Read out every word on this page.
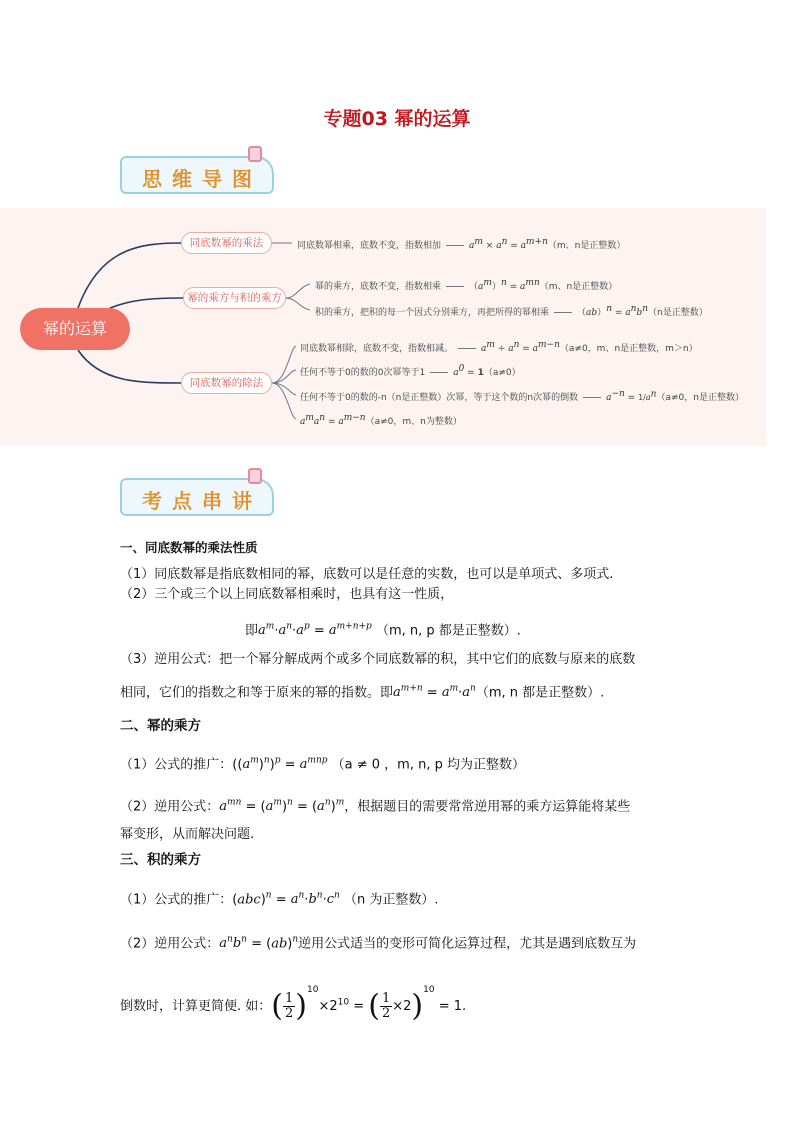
专题03 幂的运算
思维导图
幂的运算
同底数幂的乘法
幂的乘方与积的乘方
同底数幂的除法
同底数幂相乘，底数不变，指数相加	$a^m \times a^n = a^{m+n}(m$、n是正整数）
幂的乘方，底数不变，指数相乘	$(a^m)^n = a^{mn}(m$、n是正整数）
积的乘方，把积的每一个因式分别乘方，再把所得的幂相乘	$(ab)^n = a^nb^n(n$是正整数）
同底数幂相除，底数不变，指数相减。	$a^m \div a^n = a^{m-n}(a\ne 0$，m、n是正整数，m＞n）
任何不等于0的数的0次幂等于1	$a^0 = 1(a\ne 0)$
任何不等于0的数的-n（n是正整数）次幂，等于这个数的n次幂的倒数	$a^{-n} = 1/a^n(a\ne 0$，n是正整数）
$a^ma^n = a^{m-n}(a\ne 0$，m、n为整数）
考点串讲
一、同底数幂的乘法性质
（1）同底数幂是指底数相同的幂，底数可以是任意的实数，也可以是单项式、多项式.
（2）三个或三个以上同底数幂相乘时，也具有这一性质，
即$a^m\cdot a^n\cdot a^p = a^{m+n+p}$ （m, n, p 都是正整数）.
（3）逆用公式：把一个幂分解成两个或多个同底数幂的积，其中它们的底数与原来的底数
相同，它们的指数之和等于原来的幂的指数。即$a^{m+n} = a^m\cdot a^n(m$, n 都是正整数）.
二、幂的乘方
（1）公式的推广：$((a^m)^n)^p = a^{mnp}$ （a ≠ 0 ，m, n, p 均为正整数）
（2）逆用公式：$a^{mn} = (a^m)^n = (a^n)^m$，根据题目的需要常常逆用幂的乘方运算能将某些
幂变形，从而解决问题.
三、积的乘方
（1）公式的推广：$(abc)^n = a^n\cdot b^n\cdot c^n$ （n 为正整数）.
（2）逆用公式：$a^nb^n = (ab)^n$逆用公式适当的变形可简化运算过程，尤其是遇到底数互为
倒数时，计算更简便. 如：( $\frac{1}{2} )^{10}\times 2^{10}$ = ( $\frac{1}{2} \times 2)^{10} = 1$.
